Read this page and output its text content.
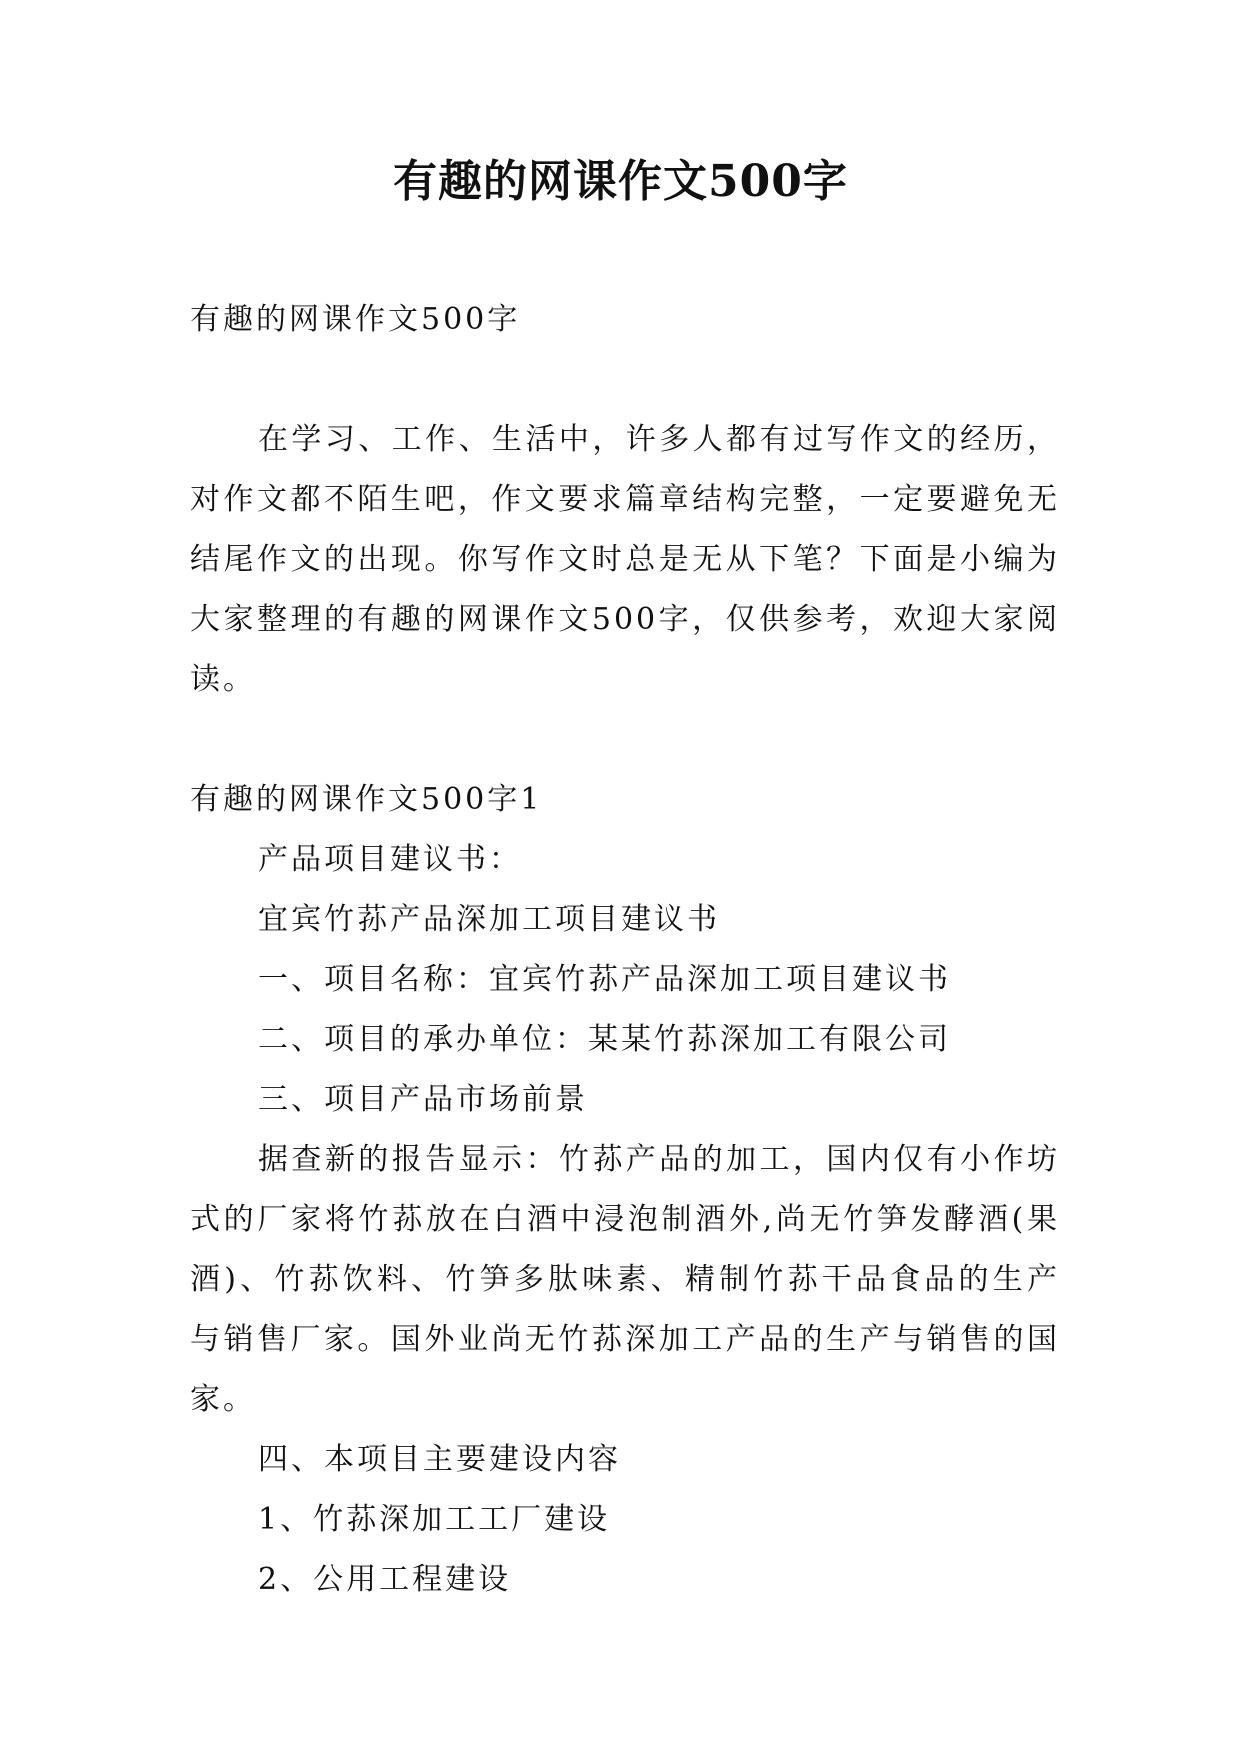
有趣的网课作文500字

有趣的网课作文500字

在学习、工作、生活中，许多人都有过写作文的经历，对作文都不陌生吧，作文要求篇章结构完整，一定要避免无结尾作文的出现。你写作文时总是无从下笔？下面是小编为大家整理的有趣的网课作文500字，仅供参考，欢迎大家阅读。

有趣的网课作文500字1

产品项目建议书：

宜宾竹荪产品深加工项目建议书

一、项目名称：宜宾竹荪产品深加工项目建议书

二、项目的承办单位：某某竹荪深加工有限公司

三、项目产品市场前景

据查新的报告显示：竹荪产品的加工，国内仅有小作坊式的厂家将竹荪放在白酒中浸泡制酒外,尚无竹笋发酵酒(果酒)、竹荪饮料、竹笋多肽味素、精制竹荪干品食品的生产与销售厂家。国外业尚无竹荪深加工产品的生产与销售的国家。

四、本项目主要建设内容

1、竹荪深加工工厂建设

2、公用工程建设
